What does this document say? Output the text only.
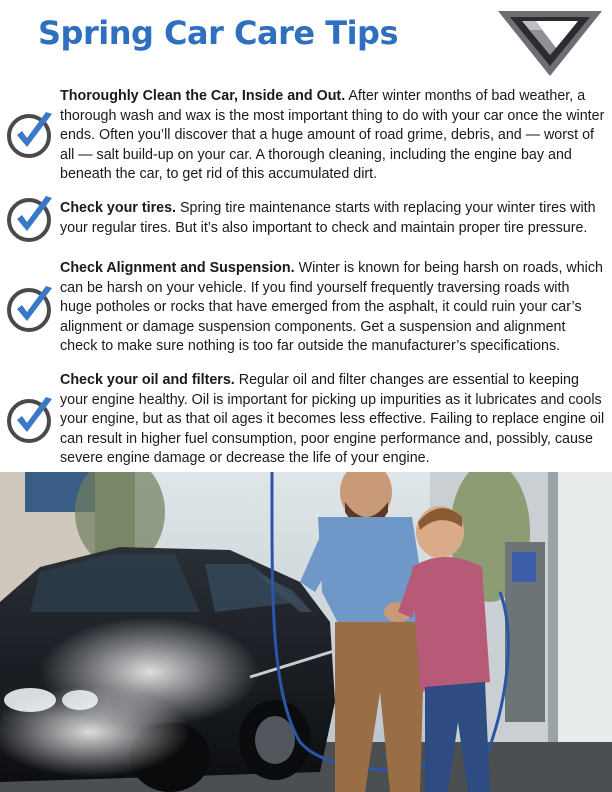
Spring Car Care Tips

Thoroughly Clean the Car, Inside and Out. After winter months of bad weather, a thorough wash and wax is the most important thing to do with your car once the winter ends. Often you’ll discover that a huge amount of road grime, debris, and — worst of all — salt build-up on your car. A thorough cleaning, including the engine bay and beneath the car, to get rid of this accumulated dirt.

Check your tires. Spring tire maintenance starts with replacing your winter tires with your regular tires. But it’s also important to check and maintain proper tire pressure.

Check Alignment and Suspension. Winter is known for being harsh on roads, which can be harsh on your vehicle. If you find yourself frequently traversing roads with huge potholes or rocks that have emerged from the asphalt, it could ruin your car’s alignment or damage suspension components. Get a suspension and alignment check to make sure nothing is too far outside the manufacturer’s specifications.

Check your oil and filters. Regular oil and filter changes are essential to keeping your engine healthy. Oil is important for picking up impurities as it lubricates and cools your engine, but as that oil ages it becomes less effective. Failing to replace engine oil can result in higher fuel consumption, poor engine performance and, possibly, cause severe engine damage or decrease the life of your engine.
